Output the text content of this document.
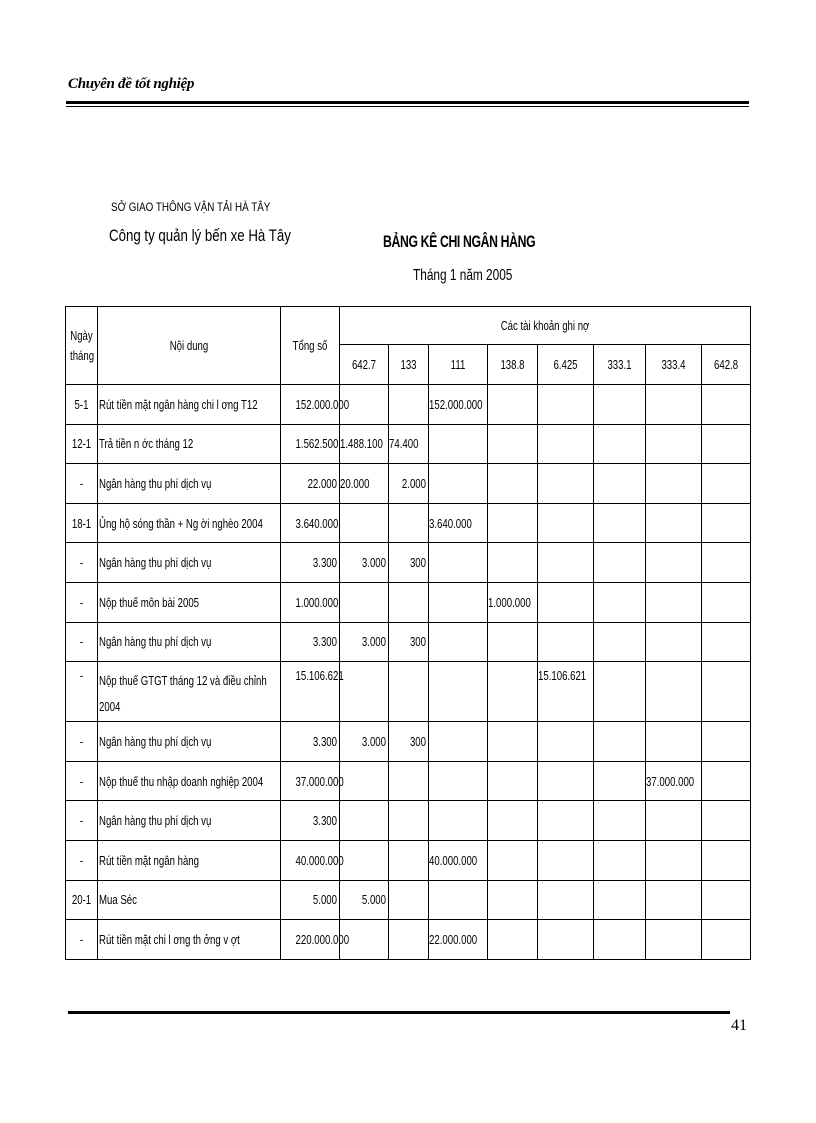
Chuyên đề tốt nghiệp
SỞ GIAO THÔNG VẬN TẢI HÀ TÂY
Công ty quản lý bến xe Hà Tây	BẢNG KÊ CHI NGÂN HÀNG
Tháng 1 năm 2005
Ngày tháng	Nội dung	Tổng số	Các tài khoản ghi nợ							

			642.7	133	111	138.8	6.425	333.1	333.4	642.8

5-1	Rút tiền mặt ngân hàng chi l ơng T12	152.000.000			152.000.000					

12-1	Trả tiền n ớc tháng 12	1.562.500	1.488.100	74.400						

-	Ngân hàng thu phí dịch vụ	22.000	20.000	2.000						

18-1	Ủng hộ sóng thần + Ng ời nghèo 2004	3.640.000			3.640.000					

-	Ngân hàng thu phí dịch vụ	3.300	3.000	300						

-	Nộp thuế môn bài 2005	1.000.000				1.000.000				

-	Ngân hàng thu phí dịch vụ	3.300	3.000	300						

-	Nộp thuế GTGT tháng 12 và điều chỉnh 2004	15.106.621					15.106.621			

-	Ngân hàng thu phí dịch vụ	3.300	3.000	300						

-	Nộp thuế thu nhập doanh nghiệp 2004	37.000.000							37.000.000	

-	Ngân hàng thu phí dịch vụ	3.300								

-	Rút tiền mặt ngân hàng	40.000.000			40.000.000					

20-1	Mua Séc	5.000	5.000							

-	Rút tiền mặt chi l ơng th ởng v ợt	220.000.000			22.000.000					

41
